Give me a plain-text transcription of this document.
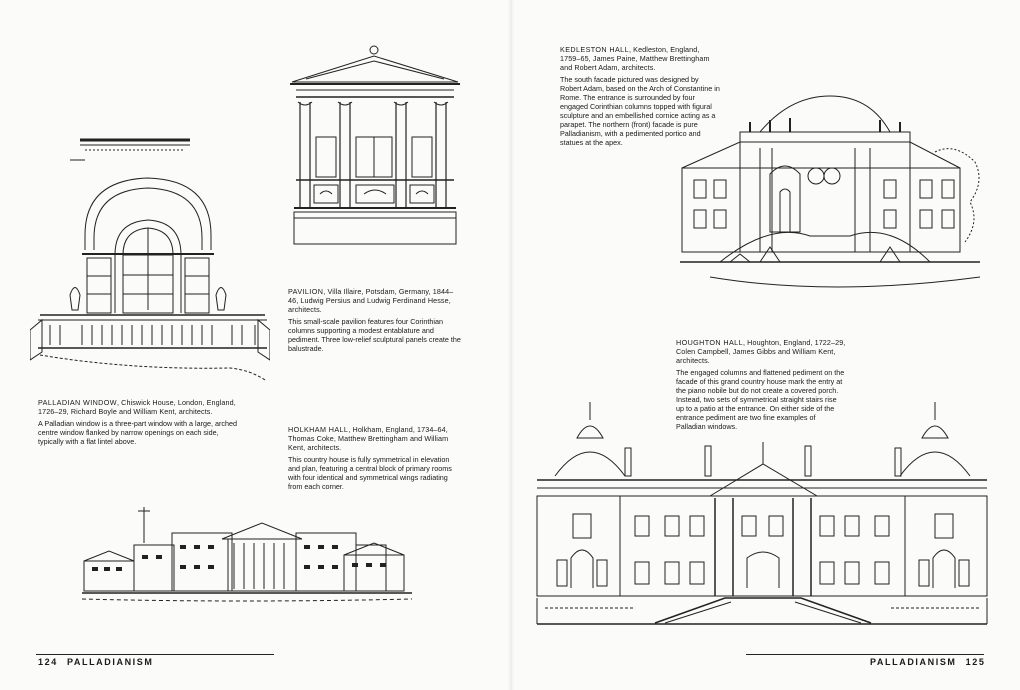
PALLADIAN WINDOW, Chiswick House, London, England, 1726–29, Richard Boyle and William Kent, architects.

A Palladian window is a three-part window with a large, arched centre window flanked by narrow openings on each side, typically with a flat lintel above.

PAVILION, Villa Illaire, Potsdam, Germany, 1844–46, Ludwig Persius and Ludwig Ferdinand Hesse, architects.

This small-scale pavilion features four Corinthian columns supporting a modest entablature and pediment. Three low-relief sculptural panels create the balustrade.

HOLKHAM HALL, Holkham, England, 1734–64, Thomas Coke, Matthew Brettingham and William Kent, architects.

This country house is fully symmetrical in elevation and plan, featuring a central block of primary rooms with four identical and symmetrical wings radiating from each corner.

124 PALLADIANISM

KEDLESTON HALL, Kedleston, England, 1759–65, James Paine, Matthew Brettingham and Robert Adam, architects.

The south facade pictured was designed by Robert Adam, based on the Arch of Constantine in Rome. The entrance is surrounded by four engaged Corinthian columns topped with figural sculpture and an embellished cornice acting as a parapet. The northern (front) facade is pure Palladianism, with a pedimented portico and statues at the apex.

HOUGHTON HALL, Houghton, England, 1722–29, Colen Campbell, James Gibbs and William Kent, architects.

The engaged columns and flattened pediment on the facade of this grand country house mark the entry at the piano nobile but do not create a covered porch. Instead, two sets of symmetrical straight stairs rise up to a patio at the entrance. On either side of the entrance pediment are two fine examples of Palladian windows.

PALLADIANISM 125
